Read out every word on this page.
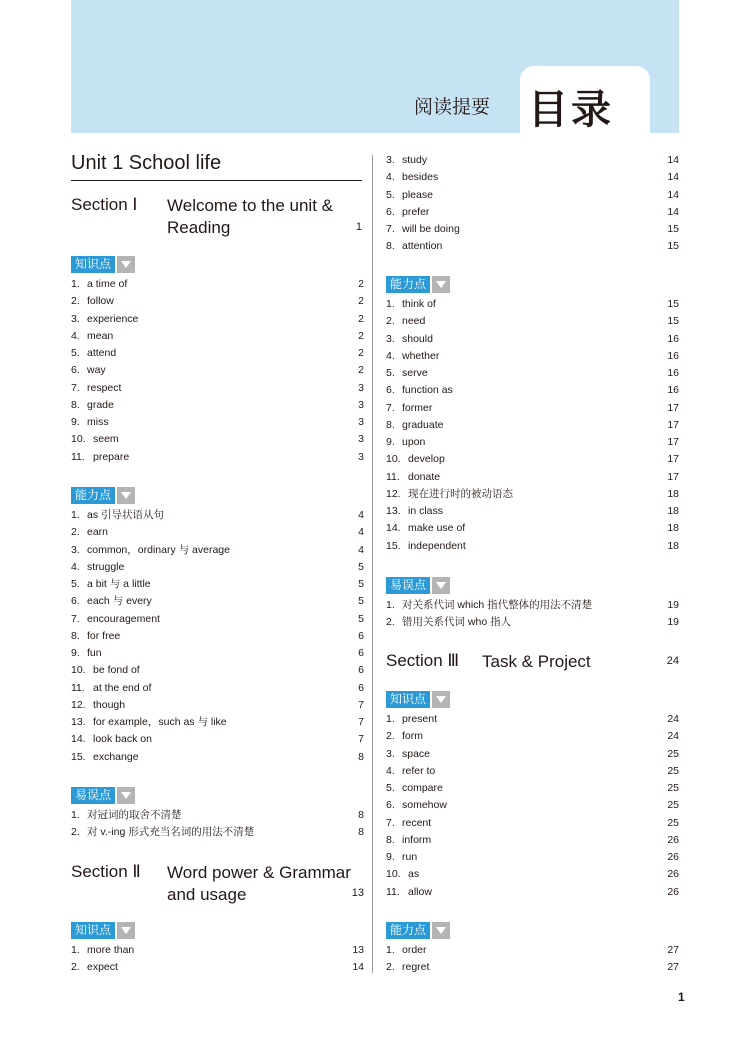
阅读提要 目录
Unit 1 School life
Section Ⅰ Welcome to the unit &
Reading	1
知识点
1. a time of	2
2. follow	2
3. experience	2
4. mean	2
5. attend	2
6. way	2
7. respect	3
8. grade	3
9. miss	3
10. seem	3
11. prepare	3
能力点
1. as 引导状语从句	4
2. earn	4
3. common，ordinary 与 average	4
4. struggle	5
5. a bit 与 a little	5
6. each 与 every	5
7. encouragement	5
8. for free	6
9. fun	6
10. be fond of	6
11. at the end of	6
12. though	7
13. for example，such as 与 like	7
14. look back on	7
15. exchange	8
易误点
1. 对冠词的取舍不清楚	8
2. 对 v.-ing 形式充当名词的用法不清楚	8
Section Ⅱ Word power & Grammar
and usage	13
知识点
1. more than	13
2. expect	14
3. study	14
4. besides	14
5. please	14
6. prefer	14
7. will be doing	15
8. attention	15
能力点
1. think of	15
2. need	15
3. should	16
4. whether	16
5. serve	16
6. function as	16
7. former	17
8. graduate	17
9. upon	17
10. develop	17
11. donate	17
12. 现在进行时的被动语态	18
13. in class	18
14. make use of	18
15. independent	18
易误点
1. 对关系代词 which 指代整体的用法不清楚	19
2. 错用关系代词 who 指人	19
Section Ⅲ Task & Project	24
知识点
1. present	24
2. form	24
3. space	25
4. refer to	25
5. compare	25
6. somehow	25
7. recent	25
8. inform	26
9. run	26
10. as	26
11. allow	26
能力点
1. order	27
2. regret	27
1
